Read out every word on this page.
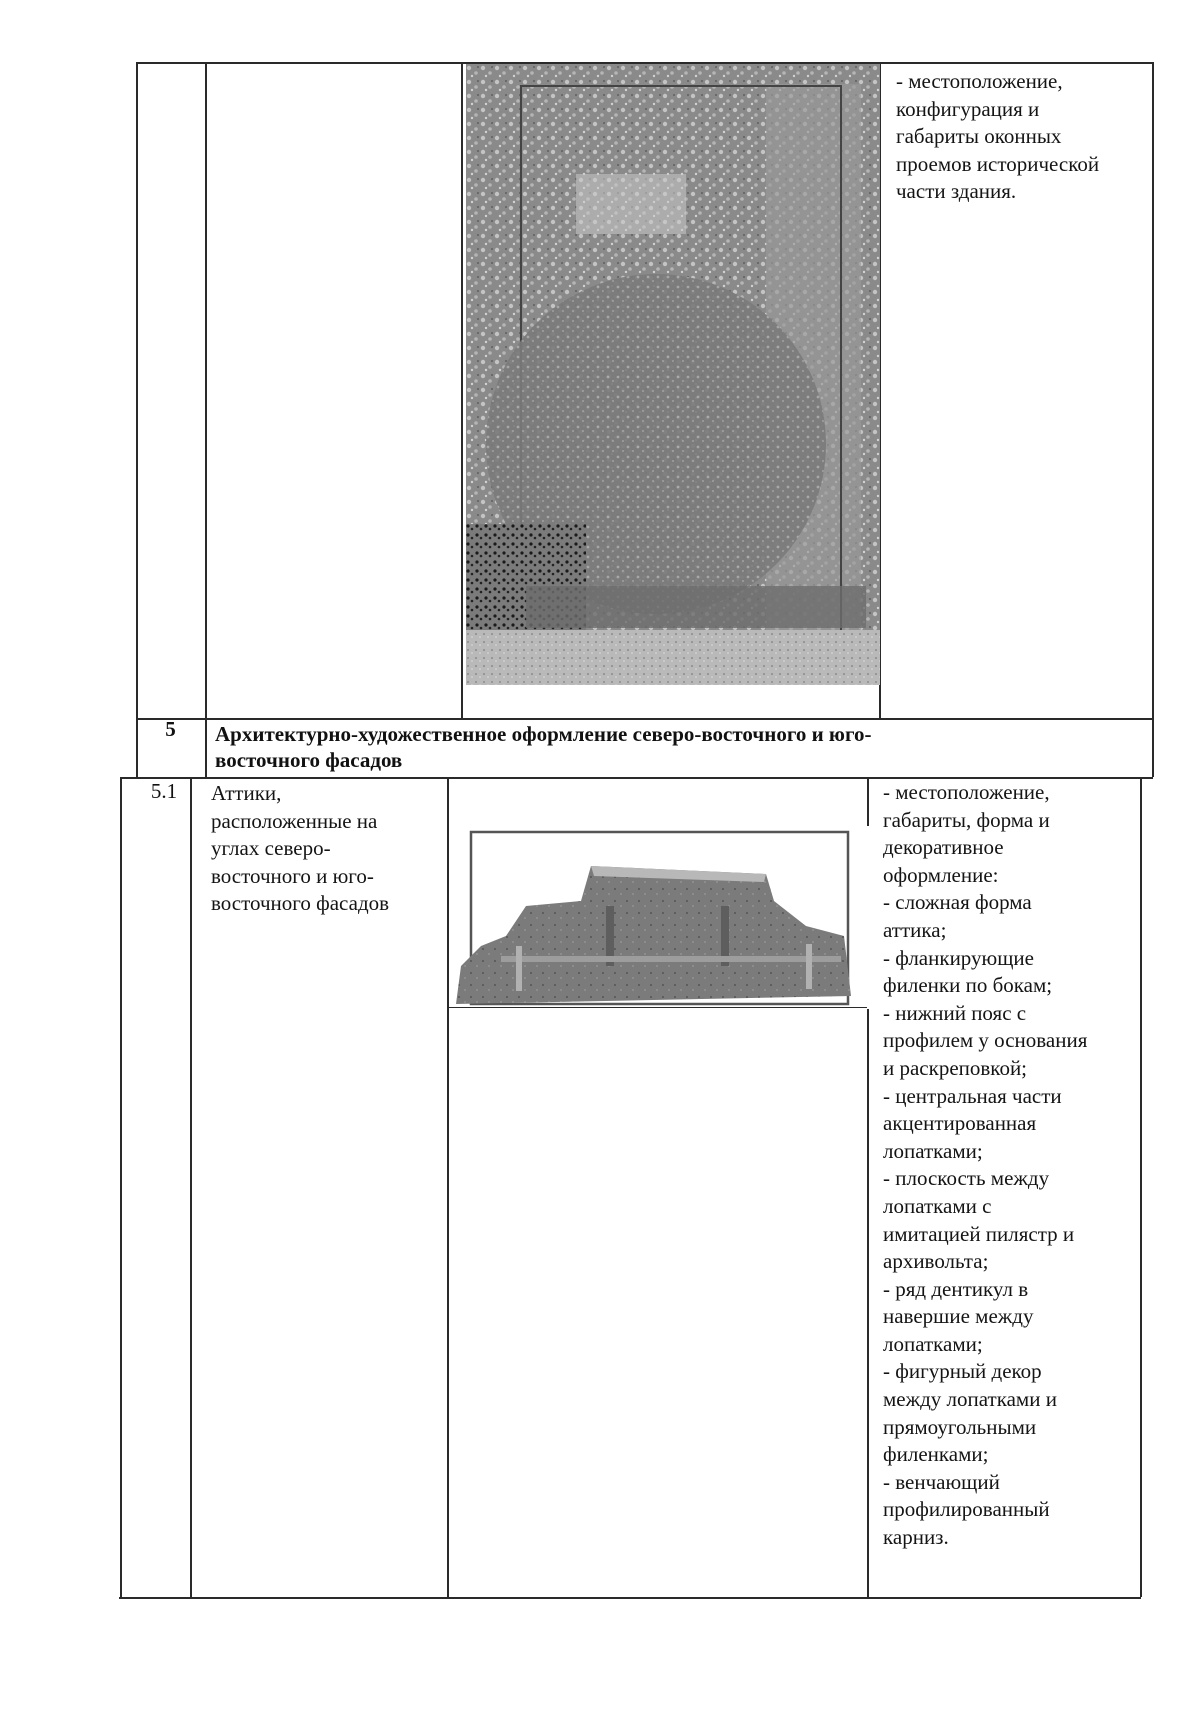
- местоположение,
конфигурация и
габариты оконных
проемов исторической
части здания.
5	Архитектурно-художественное оформление северо-восточного и юго-
восточного фасадов
5.1	Аттики,
расположенные на
углах северо-
восточного и юго-
восточного фасадов
- местоположение,
габариты, форма и
декоративное
оформление:
- сложная форма
аттика;
- фланкирующие
филенки по бокам;
- нижний пояс с
профилем у основания
и раскреповкой;
- центральная части
акцентированная
лопатками;
- плоскость между
лопатками с
имитацией пилястр и
архивольта;
- ряд дентикул в
навершие между
лопатками;
- фигурный декор
между лопатками и
прямоугольными
филенками;
- венчающий
профилированный
карниз.
